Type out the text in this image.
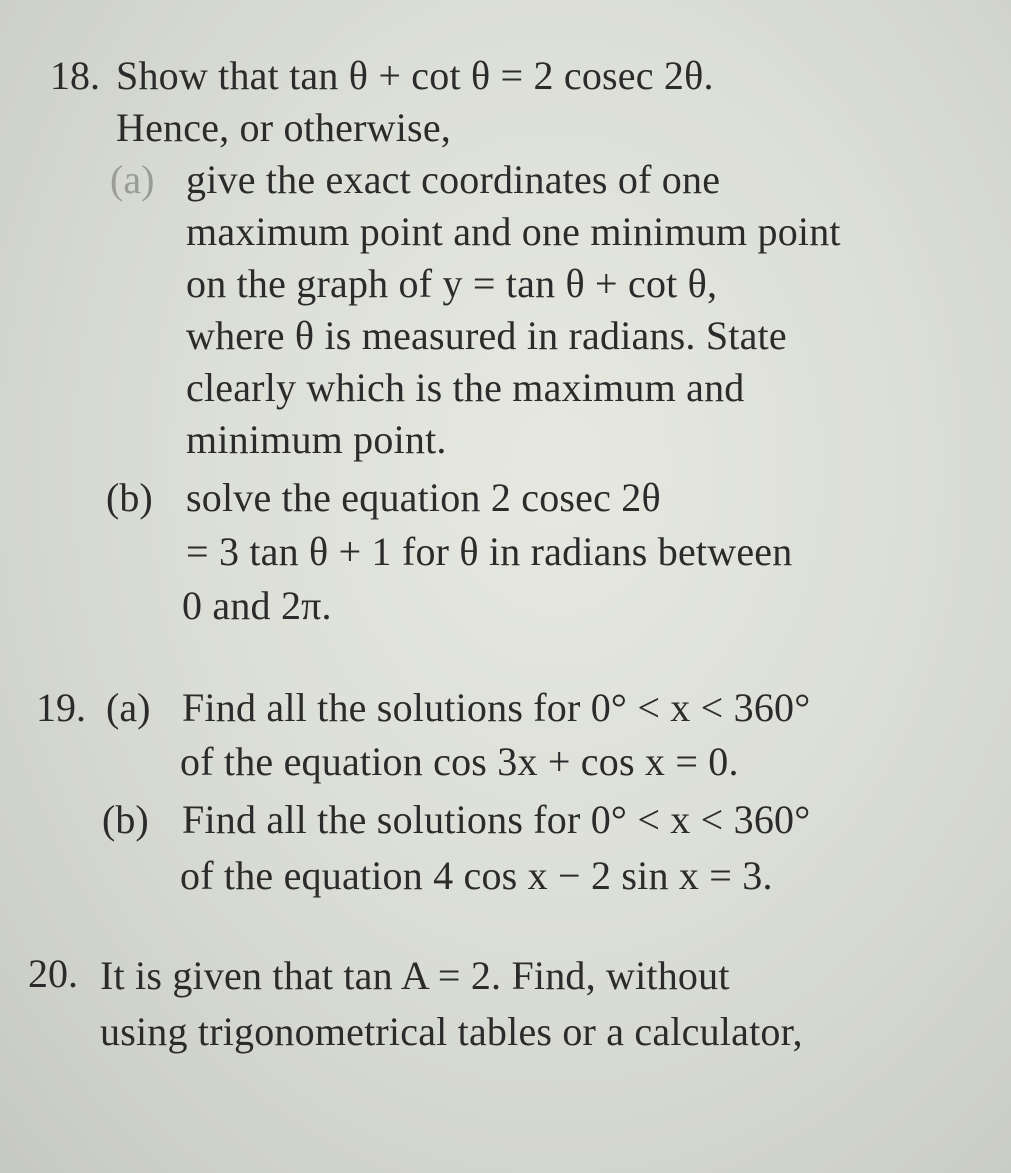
18. Show that tan θ + cot θ = 2 cosec 2θ.
Hence, or otherwise,
(a) give the exact coordinates of one
maximum point and one minimum point
on the graph of y = tan θ + cot θ,
where θ is measured in radians. State
clearly which is the maximum and
minimum point.
(b) solve the equation 2 cosec 2θ
= 3 tan θ + 1 for θ in radians between
0 and 2π.
19. (a) Find all the solutions for 0° < x < 360°
of the equation cos 3x + cos x = 0.
(b) Find all the solutions for 0° < x < 360°
of the equation 4 cos x − 2 sin x = 3.
20. It is given that tan A = 2. Find, without
using trigonometrical tables or a calculator,
